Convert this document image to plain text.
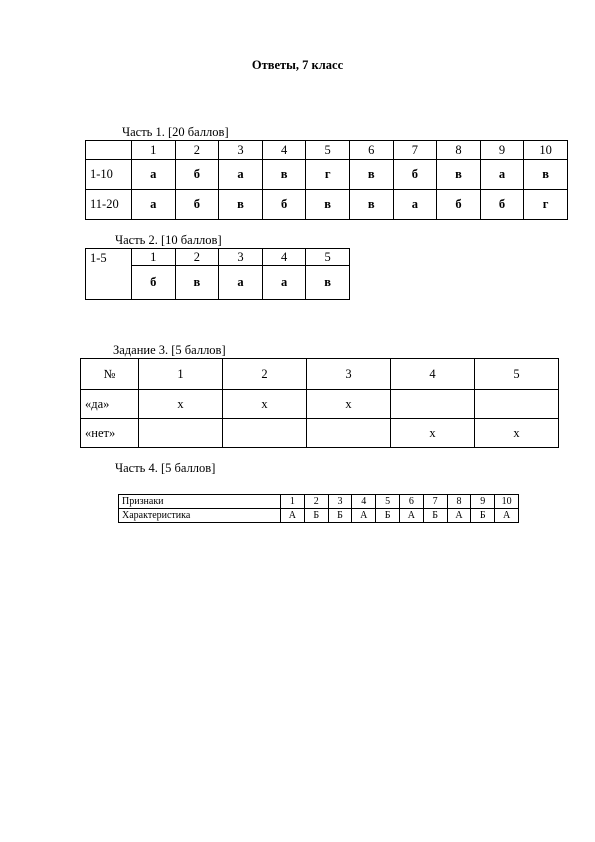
Ответы, 7 класс
Часть 1. [20 баллов]
	1	2	3	4	5	6	7	8	9	10
1-10	а	б	а	в	г	в	б	в	а	в
11-20	а	б	в	б	в	в	а	б	б	г
Часть 2. [10 баллов]
1-5	1	2	3	4	5
	б	в	а	а	в
Задание 3. [5 баллов]
№	1	2	3	4	5
«да»	х	х	х		
«нет»				х	х
Часть 4. [5 баллов]
Признаки	1	2	3	4	5	6	7	8	9	10
Характеристика	А	Б	Б	А	Б	А	Б	А	Б	А
